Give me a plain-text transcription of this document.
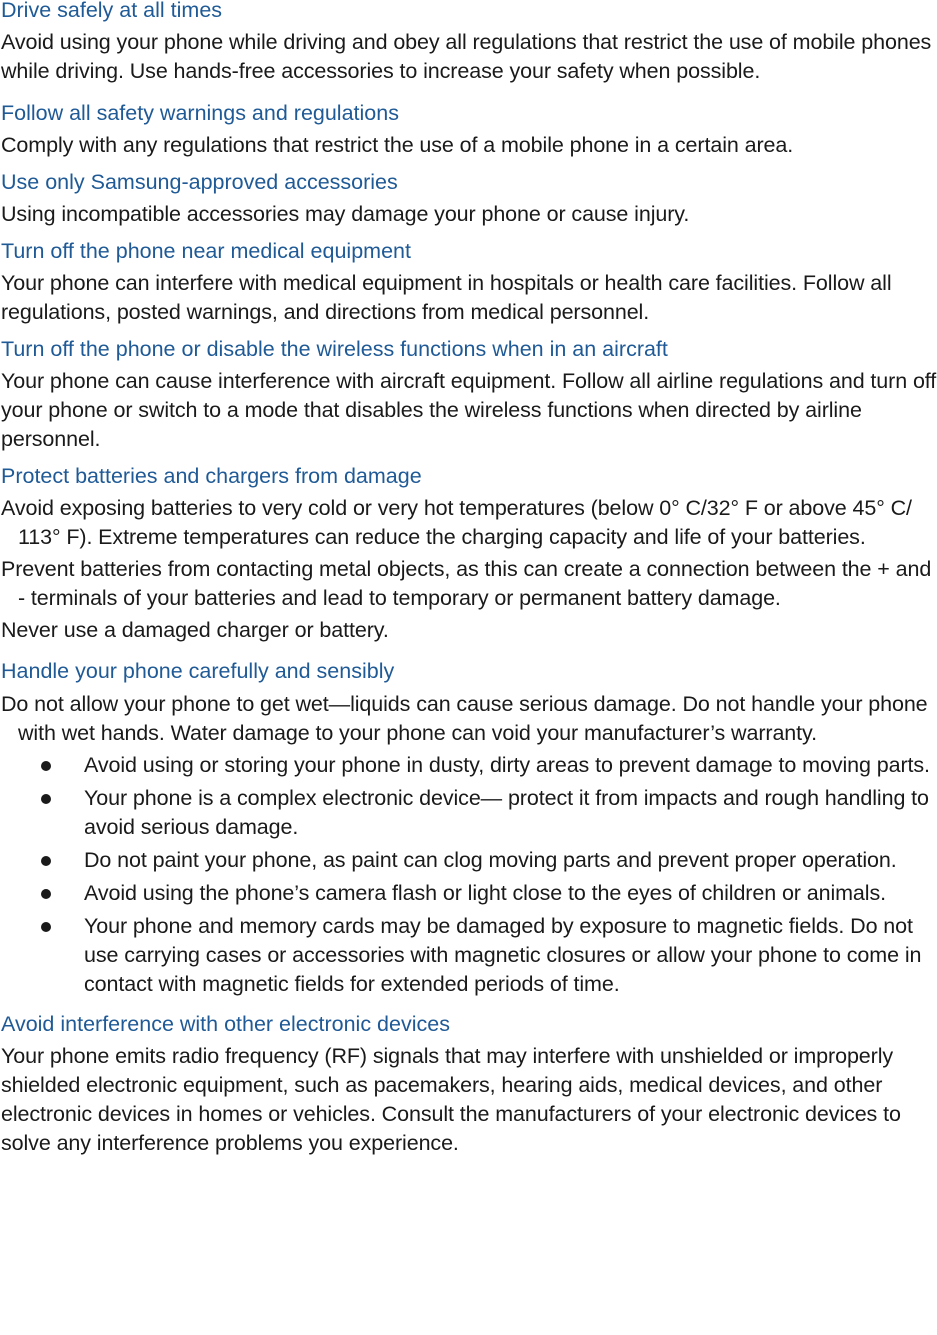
Drive safely at all times

Avoid using your phone while driving and obey all regulations that restrict the use of mobile phones while driving. Use hands-free accessories to increase your safety when possible.

Follow all safety warnings and regulations

Comply with any regulations that restrict the use of a mobile phone in a certain area.

Use only Samsung-approved accessories

Using incompatible accessories may damage your phone or cause injury.

Turn off the phone near medical equipment

Your phone can interfere with medical equipment in hospitals or health care facilities. Follow all regulations, posted warnings, and directions from medical personnel.

Turn off the phone or disable the wireless functions when in an aircraft

Your phone can cause interference with aircraft equipment. Follow all airline regulations and turn off your phone or switch to a mode that disables the wireless functions when directed by airline personnel.

Protect batteries and chargers from damage

Avoid exposing batteries to very cold or very hot temperatures (below 0° C/32° F or above 45° C/ 113° F). Extreme temperatures can reduce the charging capacity and life of your batteries.

Prevent batteries from contacting metal objects, as this can create a connection between the + and - terminals of your batteries and lead to temporary or permanent battery damage.

Never use a damaged charger or battery.

Handle your phone carefully and sensibly

Do not allow your phone to get wet—liquids can cause serious damage. Do not handle your phone with wet hands. Water damage to your phone can void your manufacturer’s warranty.

Avoid using or storing your phone in dusty, dirty areas to prevent damage to moving parts.
Your phone is a complex electronic device— protect it from impacts and rough handling to avoid serious damage.
Do not paint your phone, as paint can clog moving parts and prevent proper operation.
Avoid using the phone’s camera flash or light close to the eyes of children or animals.
Your phone and memory cards may be damaged by exposure to magnetic fields. Do not use carrying cases or accessories with magnetic closures or allow your phone to come in contact with magnetic fields for extended periods of time.
Avoid interference with other electronic devices

Your phone emits radio frequency (RF) signals that may interfere with unshielded or improperly shielded electronic equipment, such as pacemakers, hearing aids, medical devices, and other electronic devices in homes or vehicles. Consult the manufacturers of your electronic devices to solve any interference problems you experience.
